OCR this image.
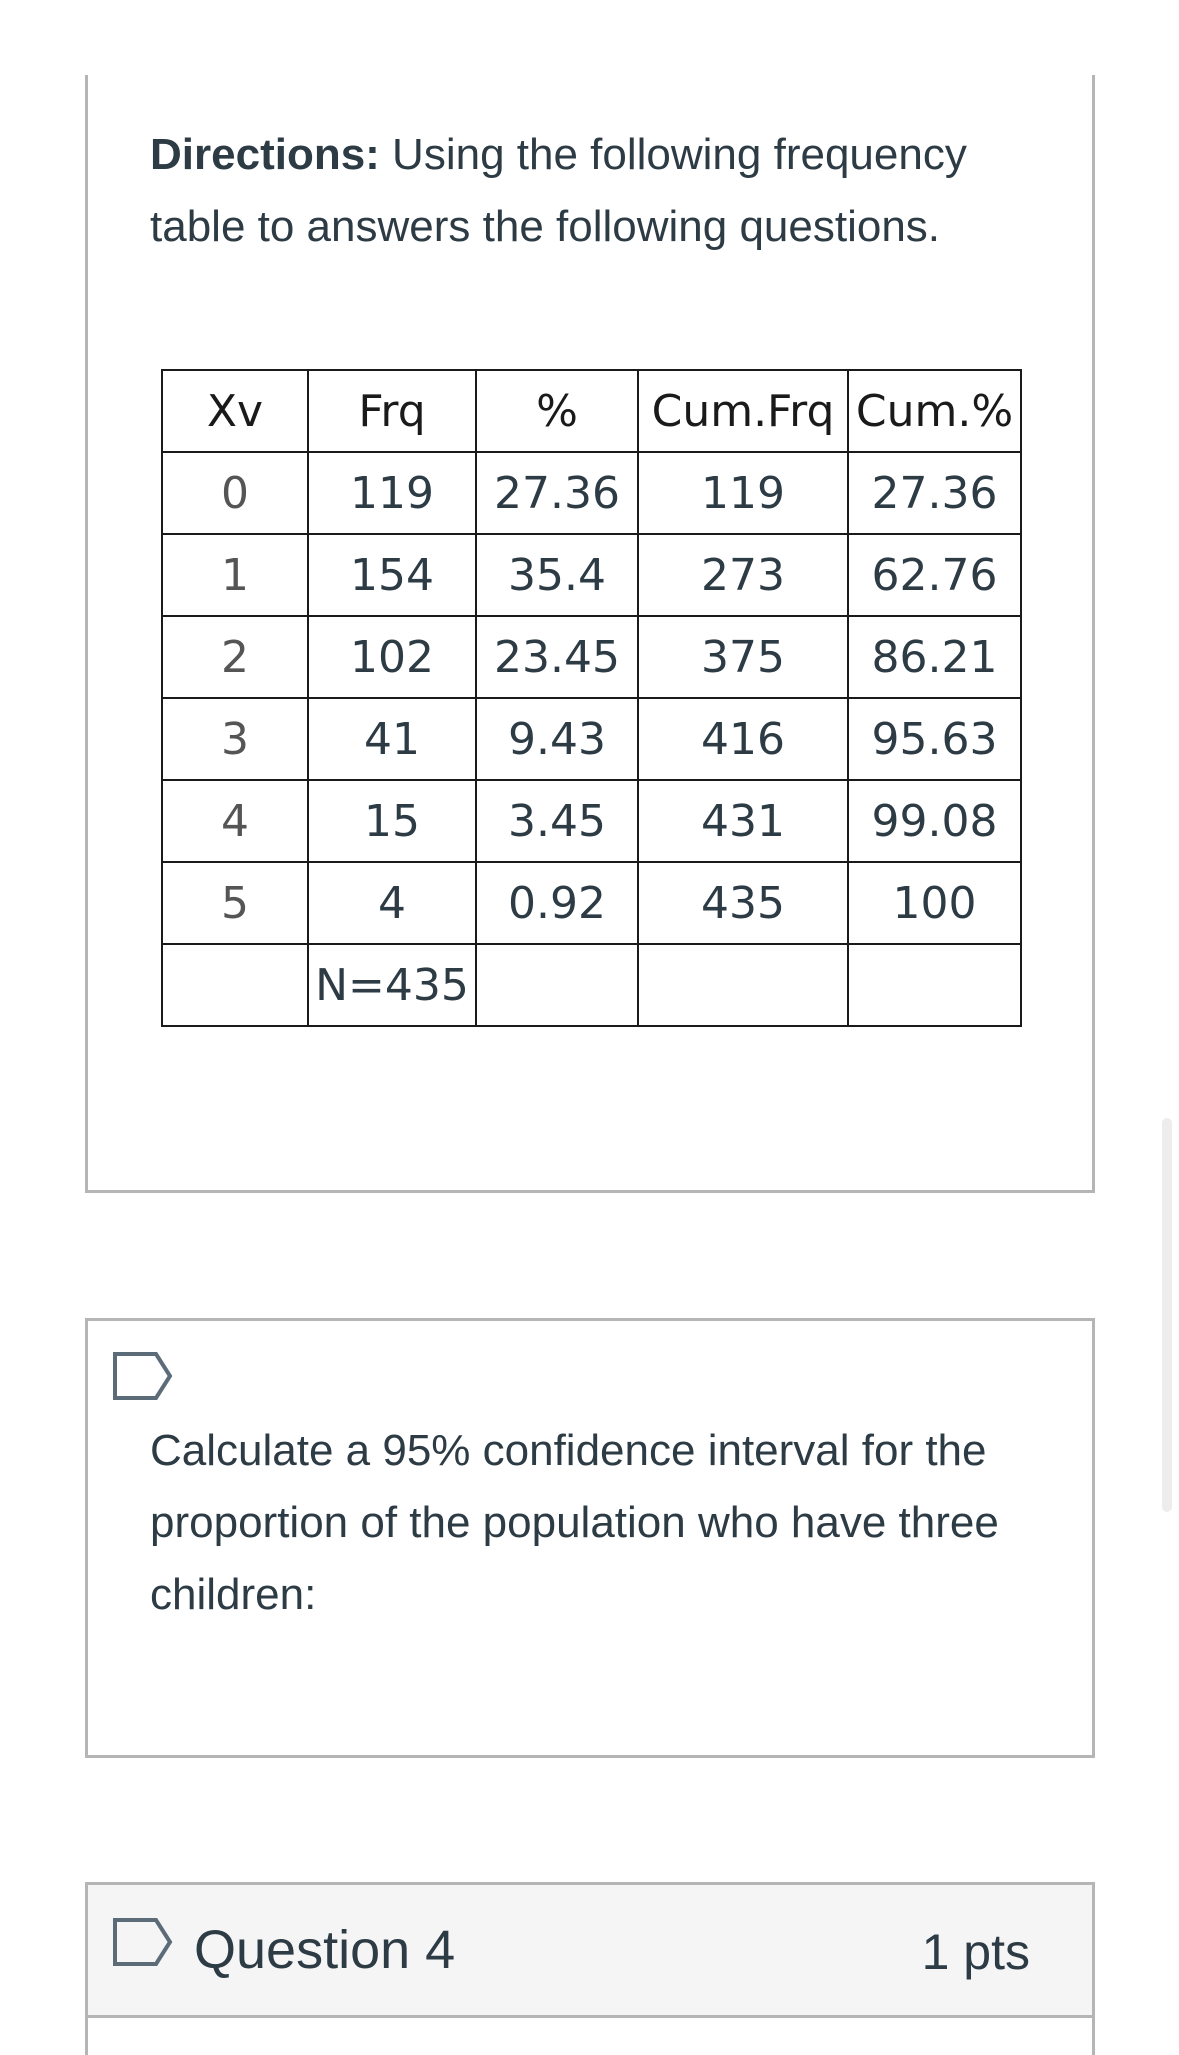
Directions: Using the following frequency table to answers the following questions.
Xv	Frq	%	Cum.Frq	Cum.%
0	119	27.36	119	27.36
1	154	35.4	273	62.76
2	102	23.45	375	86.21
3	41	9.43	416	95.63
4	15	3.45	431	99.08
5	4	0.92	435	100
	N=435			
Calculate a 95% confidence interval for the proportion of the population who have three children:
Question 4	1 pts
